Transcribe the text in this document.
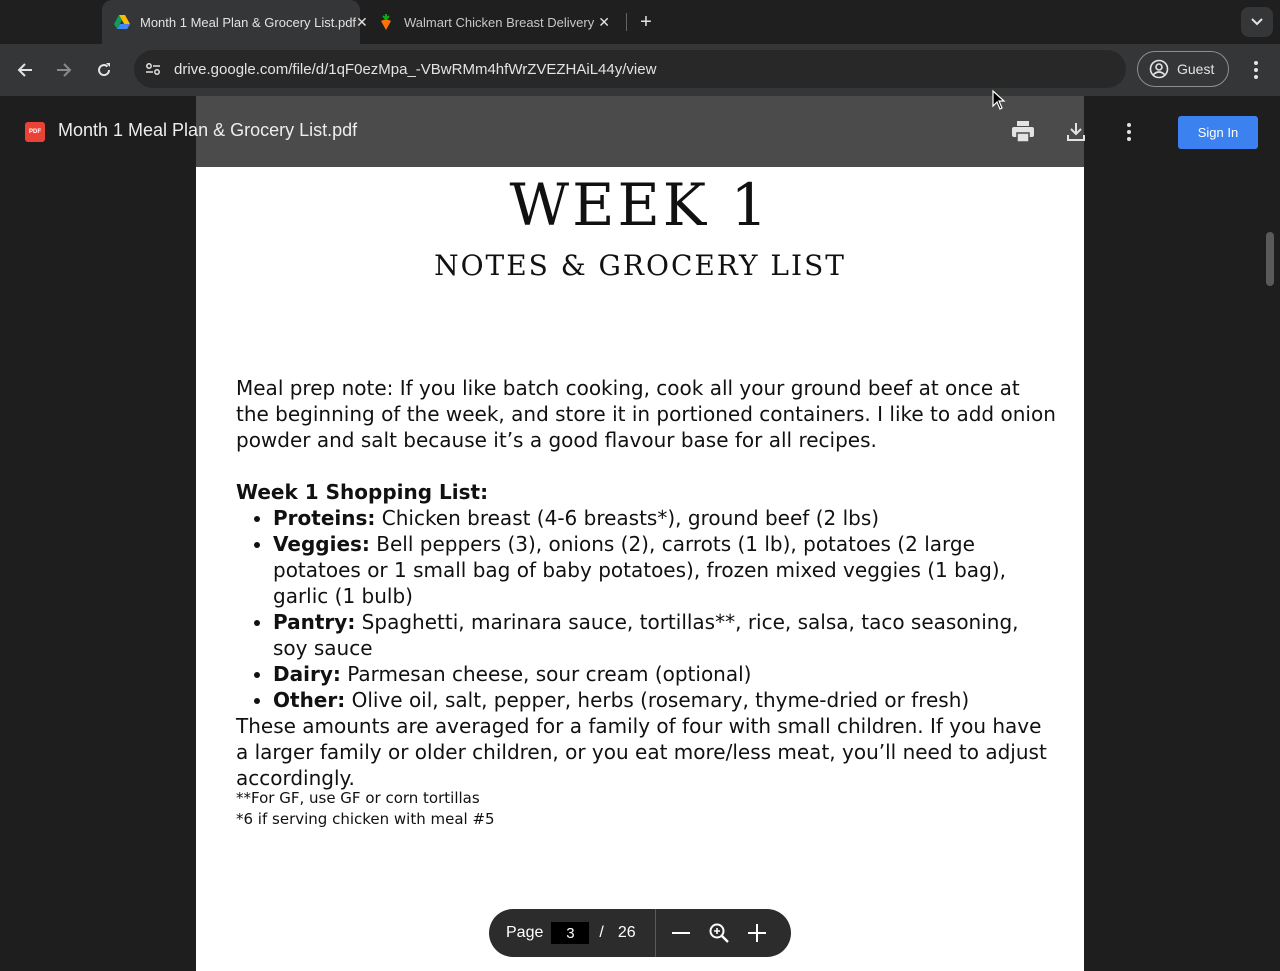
Month 1 Meal Plan & Grocery List.pdf ✕	Walmart Chicken Breast Delivery ✕	+
drive.google.com/file/d/1qF0ezMpa_-VBwRMm4hfWrZVEZHAiL44y/view	Guest
PDF Month 1 Meal Plan & Grocery List.pdf	Sign In
WEEK 1
NOTES & GROCERY LIST

Meal prep note: If you like batch cooking, cook all your ground beef at once at the beginning of the week, and store it in portioned containers. I like to add onion powder and salt because it’s a good flavour base for all recipes.

Week 1 Shopping List:

• Proteins: Chicken breast (4-6 breasts*), ground beef (2 lbs)
• Veggies: Bell peppers (3), onions (2), carrots (1 lb), potatoes (2 large potatoes or 1 small bag of baby potatoes), frozen mixed veggies (1 bag), garlic (1 bulb)
• Pantry: Spaghetti, marinara sauce, tortillas**, rice, salsa, taco seasoning, soy sauce
• Dairy: Parmesan cheese, sour cream (optional)
• Other: Olive oil, salt, pepper, herbs (rosemary, thyme-dried or fresh)

These amounts are averaged for a family of four with small children. If you have a larger family or older children, or you eat more/less meat, you’ll need to adjust accordingly.

**For GF, use GF or corn tortillas
*6 if serving chicken with meal #5
Page	3	/ 26
